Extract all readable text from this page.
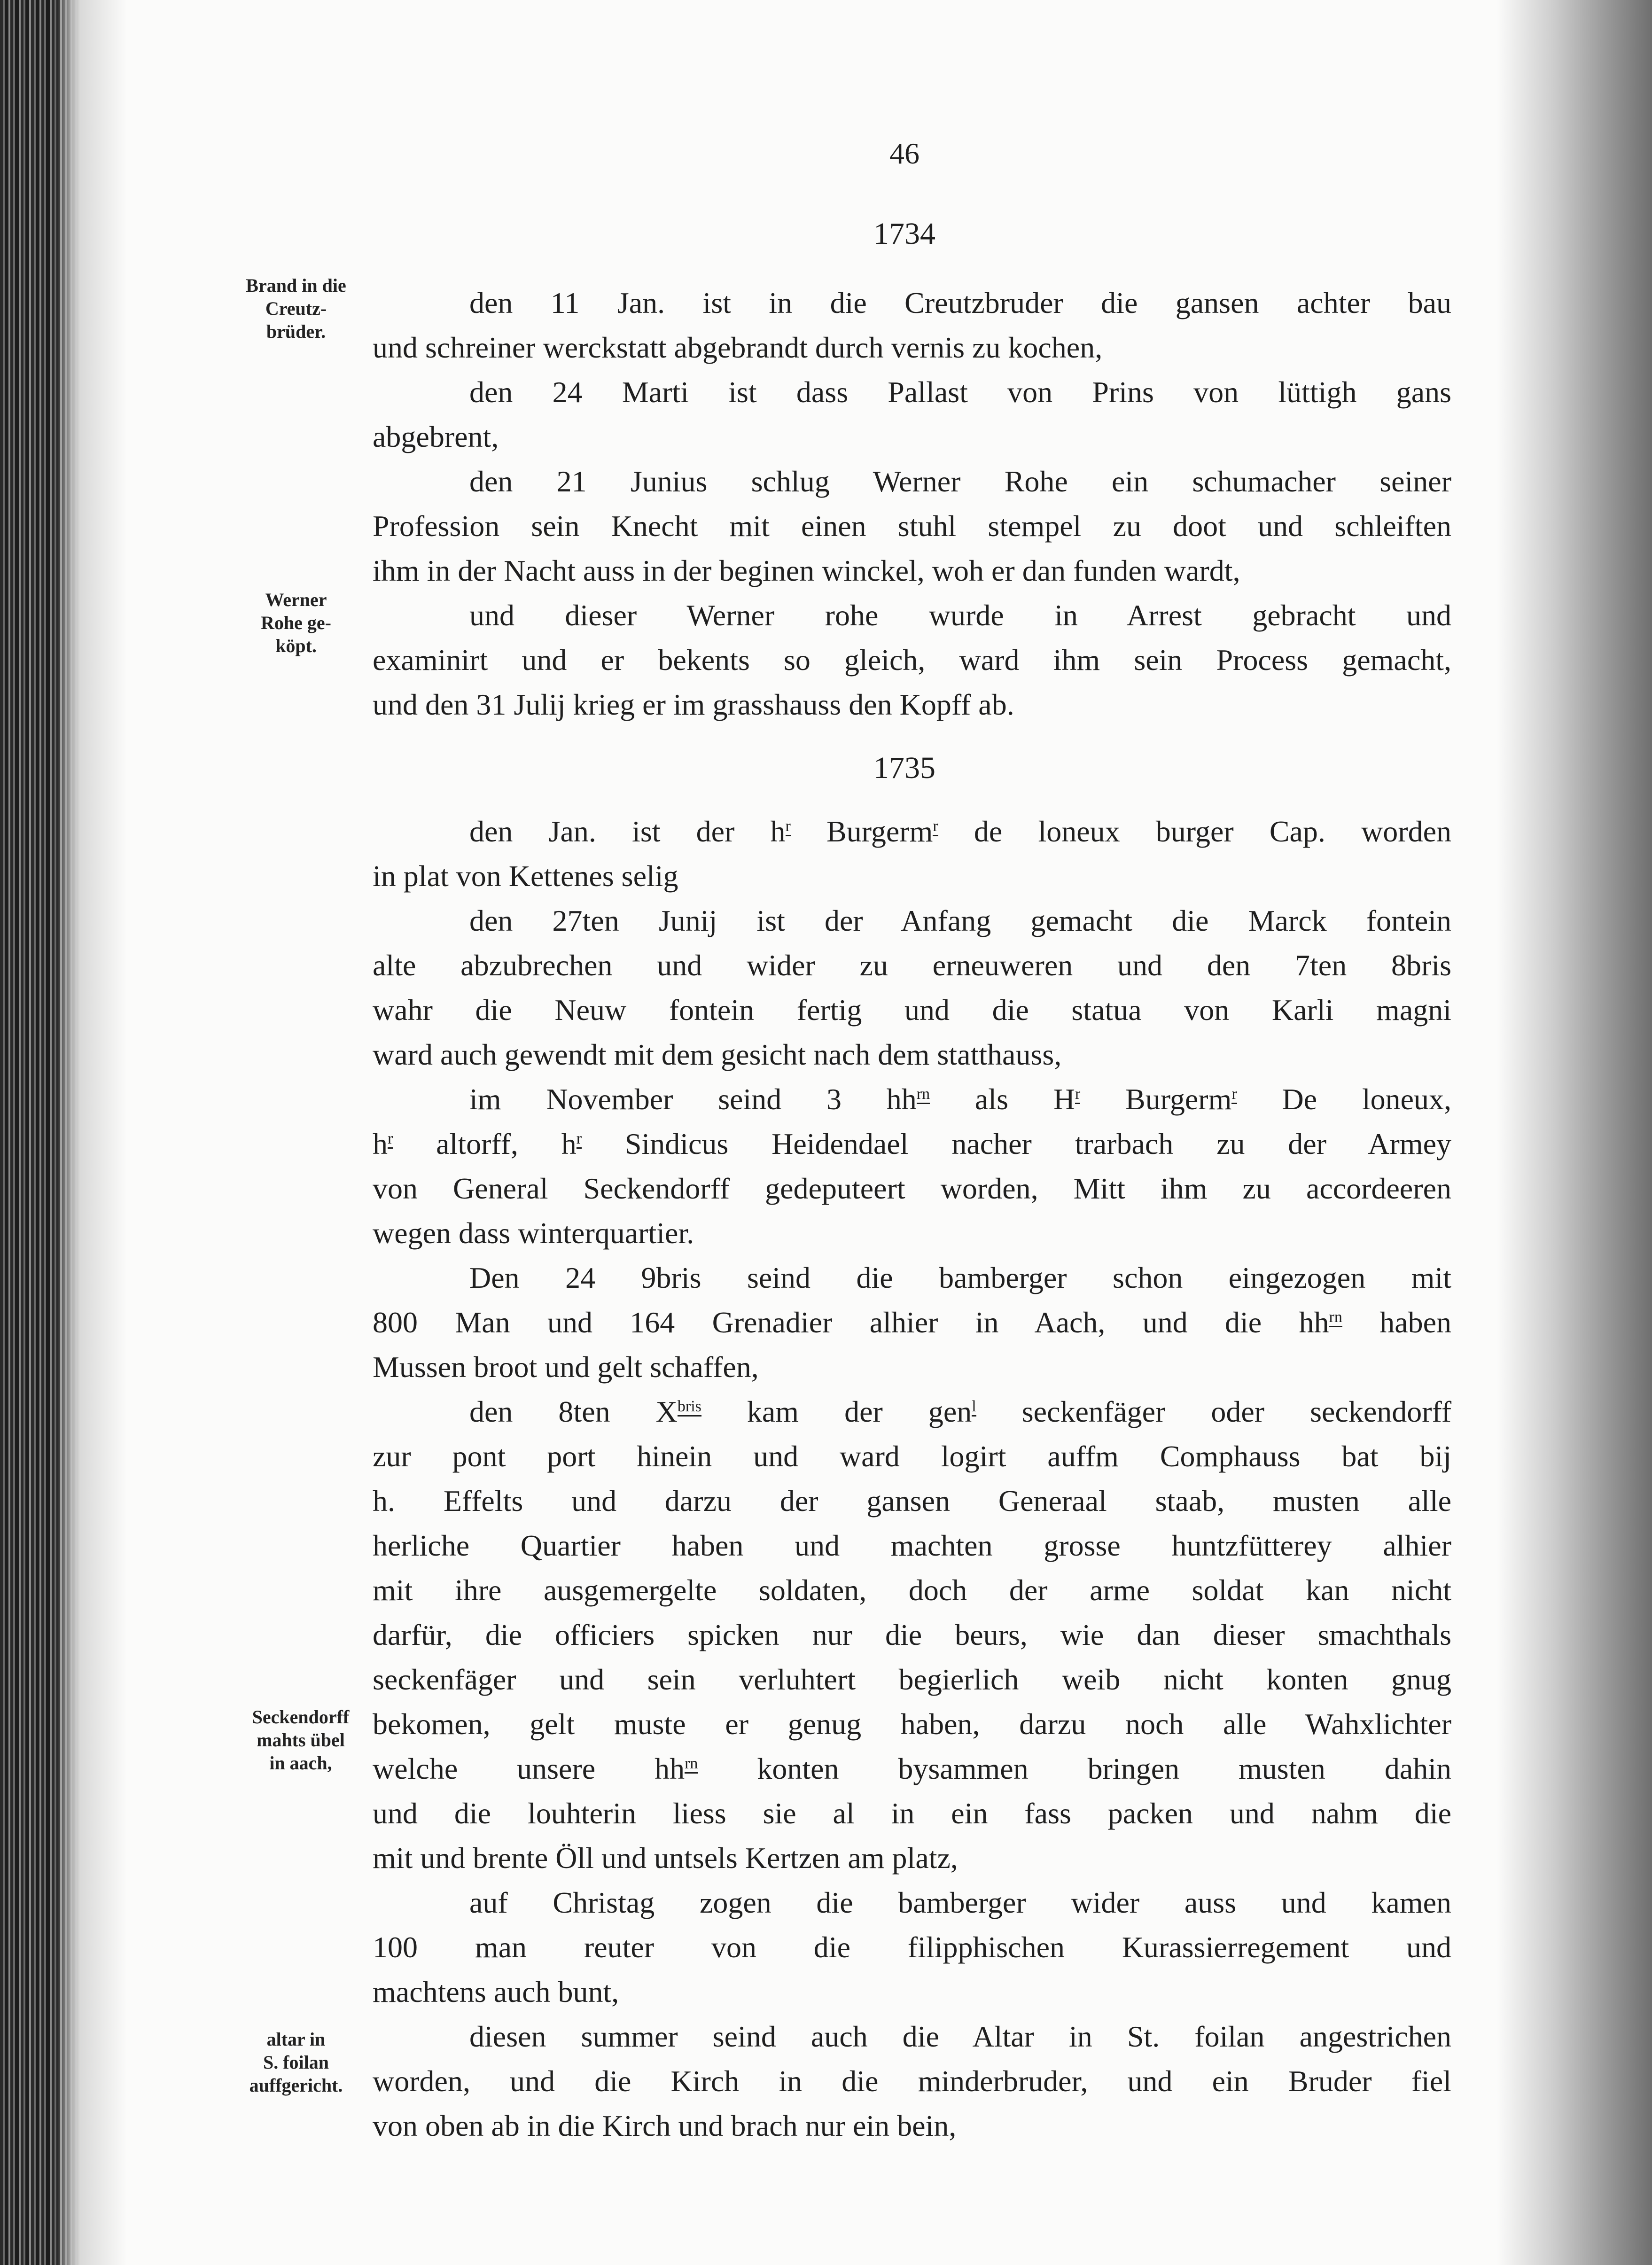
46
1734
den 11 Jan. ist in die Creutzbruder die gansen achter bau
und schreiner werckstatt abgebrandt durch vernis zu kochen,
den 24 Marti ist dass Pallast von Prins von lüttigh gans
abgebrent,
den 21 Junius schlug Werner Rohe ein schumacher seiner
Profession sein Knecht mit einen stuhl stempel zu doot und schleiften
ihm in der Nacht auss in der beginen winckel, woh er dan funden wardt,
und dieser Werner rohe wurde in Arrest gebracht und
examinirt und er bekents so gleich, ward ihm sein Process gemacht,
und den 31 Julij krieg er im grasshauss den Kopff ab.
1735
den Jan. ist der $h^r$ Burgerm$^r$ de loneux burger Cap. worden
in plat von Kettenes selig
den 27ten Junij ist der Anfang gemacht die Marck fontein
alte abzubrechen und wider zu erneuweren und den 7ten 8bris
wahr die Neuw fontein fertig und die statua von Karli magni
ward auch gewendt mit dem gesicht nach dem statthauss,
im November seind 3 $hh^{rn}$ als $H^r$ Burgerm$^r$ De loneux,
$h^r$ altorff, $h^r$ Sindicus Heidendael nacher trarbach zu der Armey
von General Seckendorff gedeputeert worden, Mitt ihm zu accordeeren
wegen dass winterquartier.
Den 24 9bris seind die bamberger schon eingezogen mit
800 Man und 164 Grenadier alhier in Aach, und die $hh^{rn}$ haben
Mussen broot und gelt schaffen,
den 8ten $X^{bris}$ kam der gen$^l$ seckenfäger oder seckendorff
zur pont port hinein und ward logirt auffm Comphauss bat bij
h. Effelts und darzu der gansen Generaal staab, musten alle
herliche Quartier haben und machten grosse huntzfütterey alhier
mit ihre ausgemergelte soldaten, doch der arme soldat kan nicht
darfür, die officiers spicken nur die beurs, wie dan dieser smachthals
seckenfäger und sein verluhtert begierlich weib nicht konten gnug
bekomen, gelt muste er genug haben, darzu noch alle Wahxlichter
welche unsere $hh^{rn}$ konten bysammen bringen musten dahin
und die louhterin liess sie al in ein fass packen und nahm die
mit und brente Öll und untsels Kertzen am platz,
auf Christag zogen die bamberger wider auss und kamen
100 man reuter von die filipphischen Kurassierregement und
machtens auch bunt,
diesen summer seind auch die Altar in St. foilan angestrichen
worden, und die Kirch in die minderbruder, und ein Bruder fiel
von oben ab in die Kirch und brach nur ein bein,
Brand in die
Creutz-
brüder.
Werner
Rohe ge-
köpt.
Seckendorff
mahts übel
in aach,
altar in
S. foilan
auffgericht.
